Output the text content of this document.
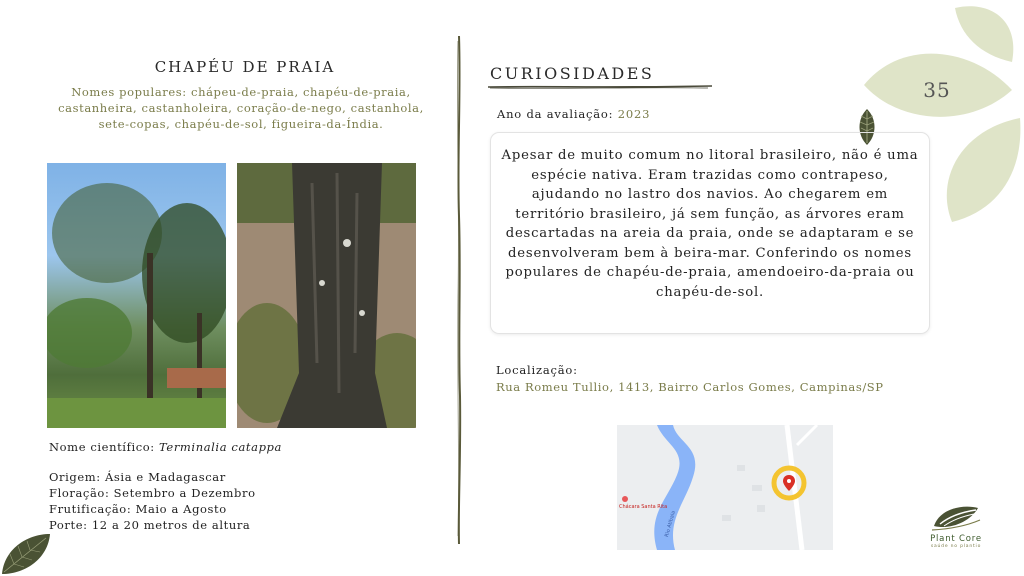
CHAPÉU DE PRAIA
Nomes populares: chápeu-de-praia, chapéu-de-praia, castanheira, castanholeira, coração-de-nego, castanhola, sete-copas, chapéu-de-sol, figueira-da-Índia.
Nome científico: Terminalia catappa
Origem: Ásia e Madagascar
Floração: Setembro a Dezembro
Frutificação: Maio a Agosto
Porte: 12 a 20 metros de altura
CURIOSIDADES
Ano da avaliação: 2023
Apesar de muito comum no litoral brasileiro, não é uma espécie nativa. Eram trazidas como contrapeso, ajudando no lastro dos navios. Ao chegarem em território brasileiro, já sem função, as árvores eram descartadas na areia da praia, onde se adaptaram e se desenvolveram bem à beira-mar. Conferindo os nomes populares de chapéu-de-praia, amendoeiro-da-praia ou chapéu-de-sol.
Localização:
Rua Romeu Tullio, 1413, Bairro Carlos Gomes, Campinas/SP
Chácara Santa Rita
Rio Atibaia
35
Plant Core
saúde no plantio
